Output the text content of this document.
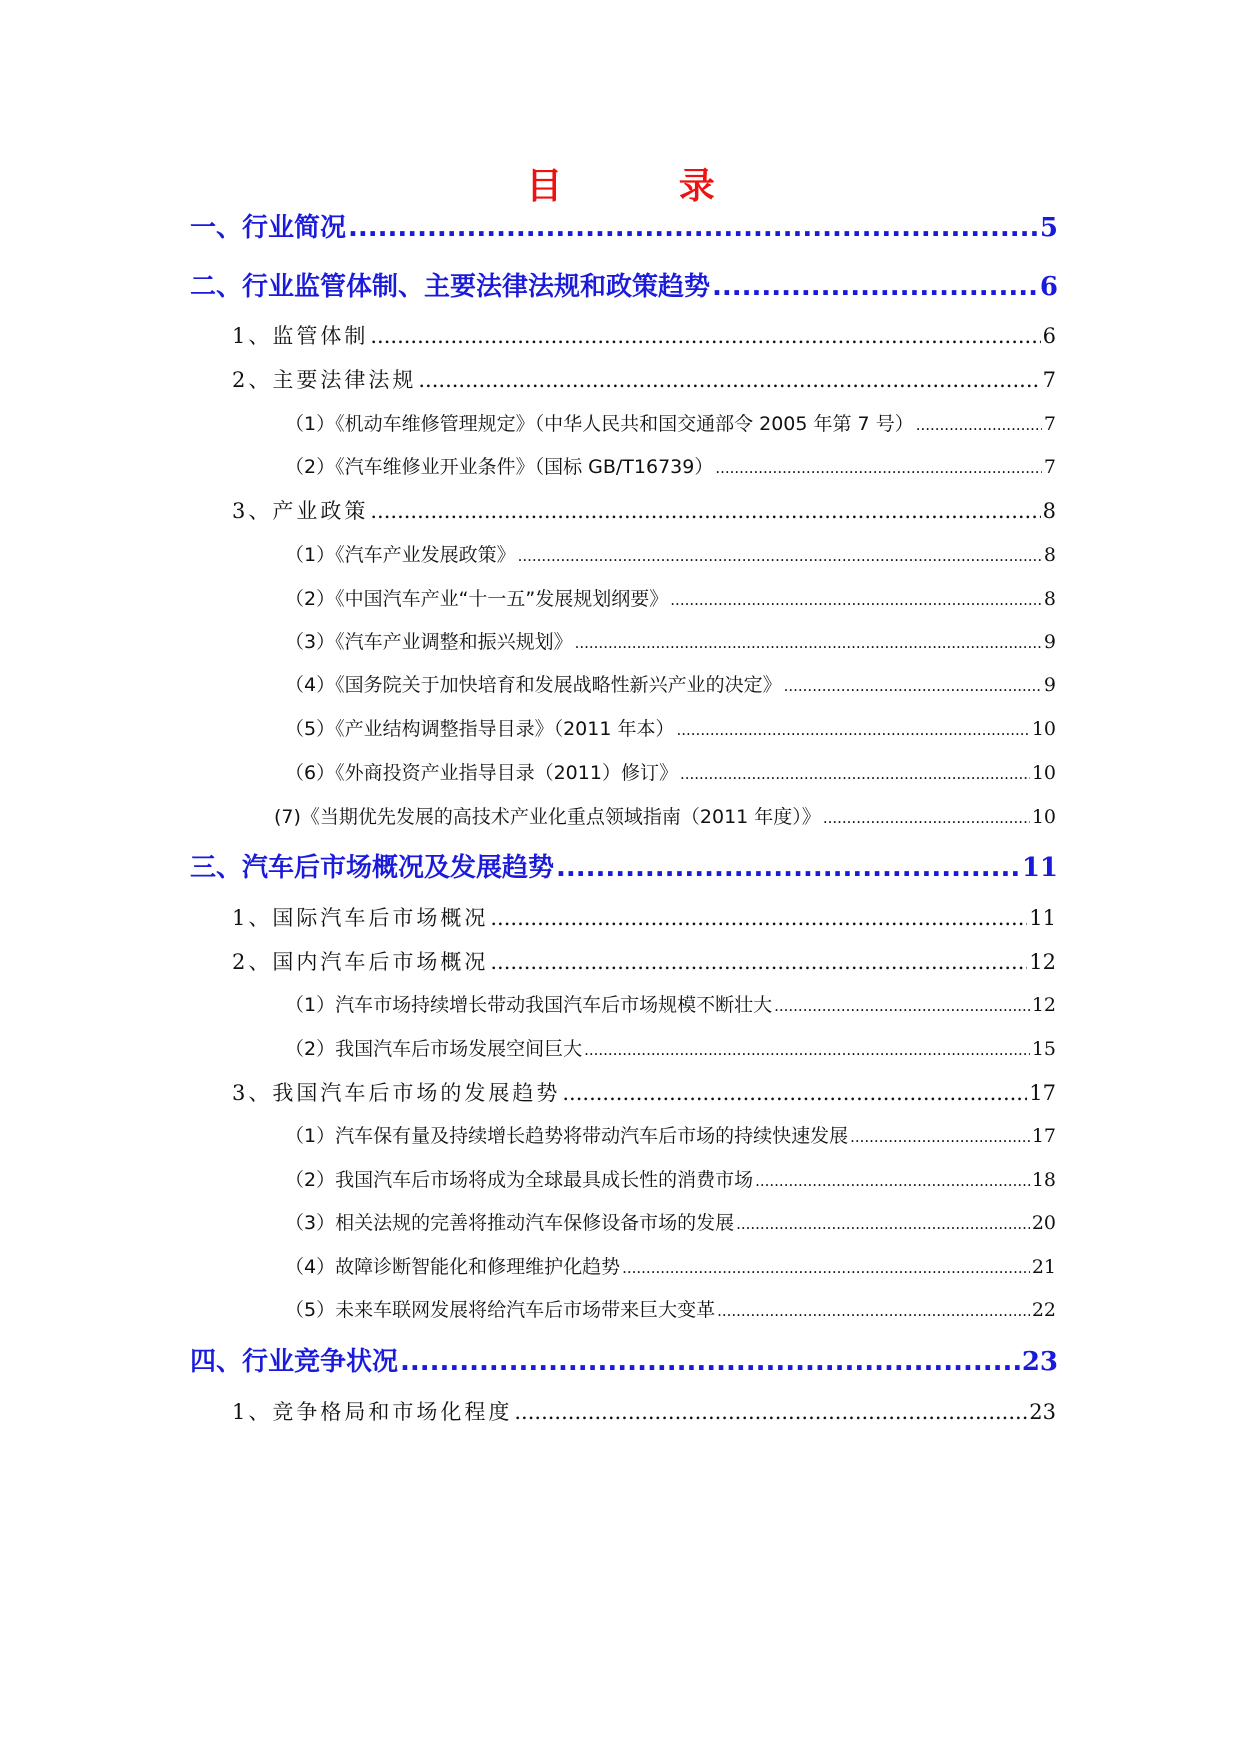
目 录
一、行业简况 .....	5
二、行业监管体制、主要法律法规和政策趋势 .....	6
1、监管体制 .....	6
2、主要法律法规 .....	7
（1）《机动车维修管理规定》（中华人民共和国交通部令 2005 年第 7 号） .....	7
（2）《汽车维修业开业条件》（国标 GB/T16739） .....	7
3、产业政策 .....	8
（1）《汽车产业发展政策》 .....	8
（2）《中国汽车产业“十一五”发展规划纲要》 .....	8
（3）《汽车产业调整和振兴规划》 .....	9
（4）《国务院关于加快培育和发展战略性新兴产业的决定》 .....	9
（5）《产业结构调整指导目录》（2011 年本） .....	10
（6）《外商投资产业指导目录（2011）修订》 .....	10
(7)《当期优先发展的高技术产业化重点领域指南（2011 年度）》 .....	10
三、汽车后市场概况及发展趋势 .....	11
1、国际汽车后市场概况 .....	11
2、国内汽车后市场概况 .....	12
（1）汽车市场持续增长带动我国汽车后市场规模不断壮大 .....	12
（2）我国汽车后市场发展空间巨大 .....	15
3、我国汽车后市场的发展趋势 .....	17
（1）汽车保有量及持续增长趋势将带动汽车后市场的持续快速发展 .....	17
（2）我国汽车后市场将成为全球最具成长性的消费市场 .....	18
（3）相关法规的完善将推动汽车保修设备市场的发展 .....	20
（4）故障诊断智能化和修理维护化趋势 .....	21
（5）未来车联网发展将给汽车后市场带来巨大变革 .....	22
四、行业竞争状况 .....	23
1、竞争格局和市场化程度 .....	23
